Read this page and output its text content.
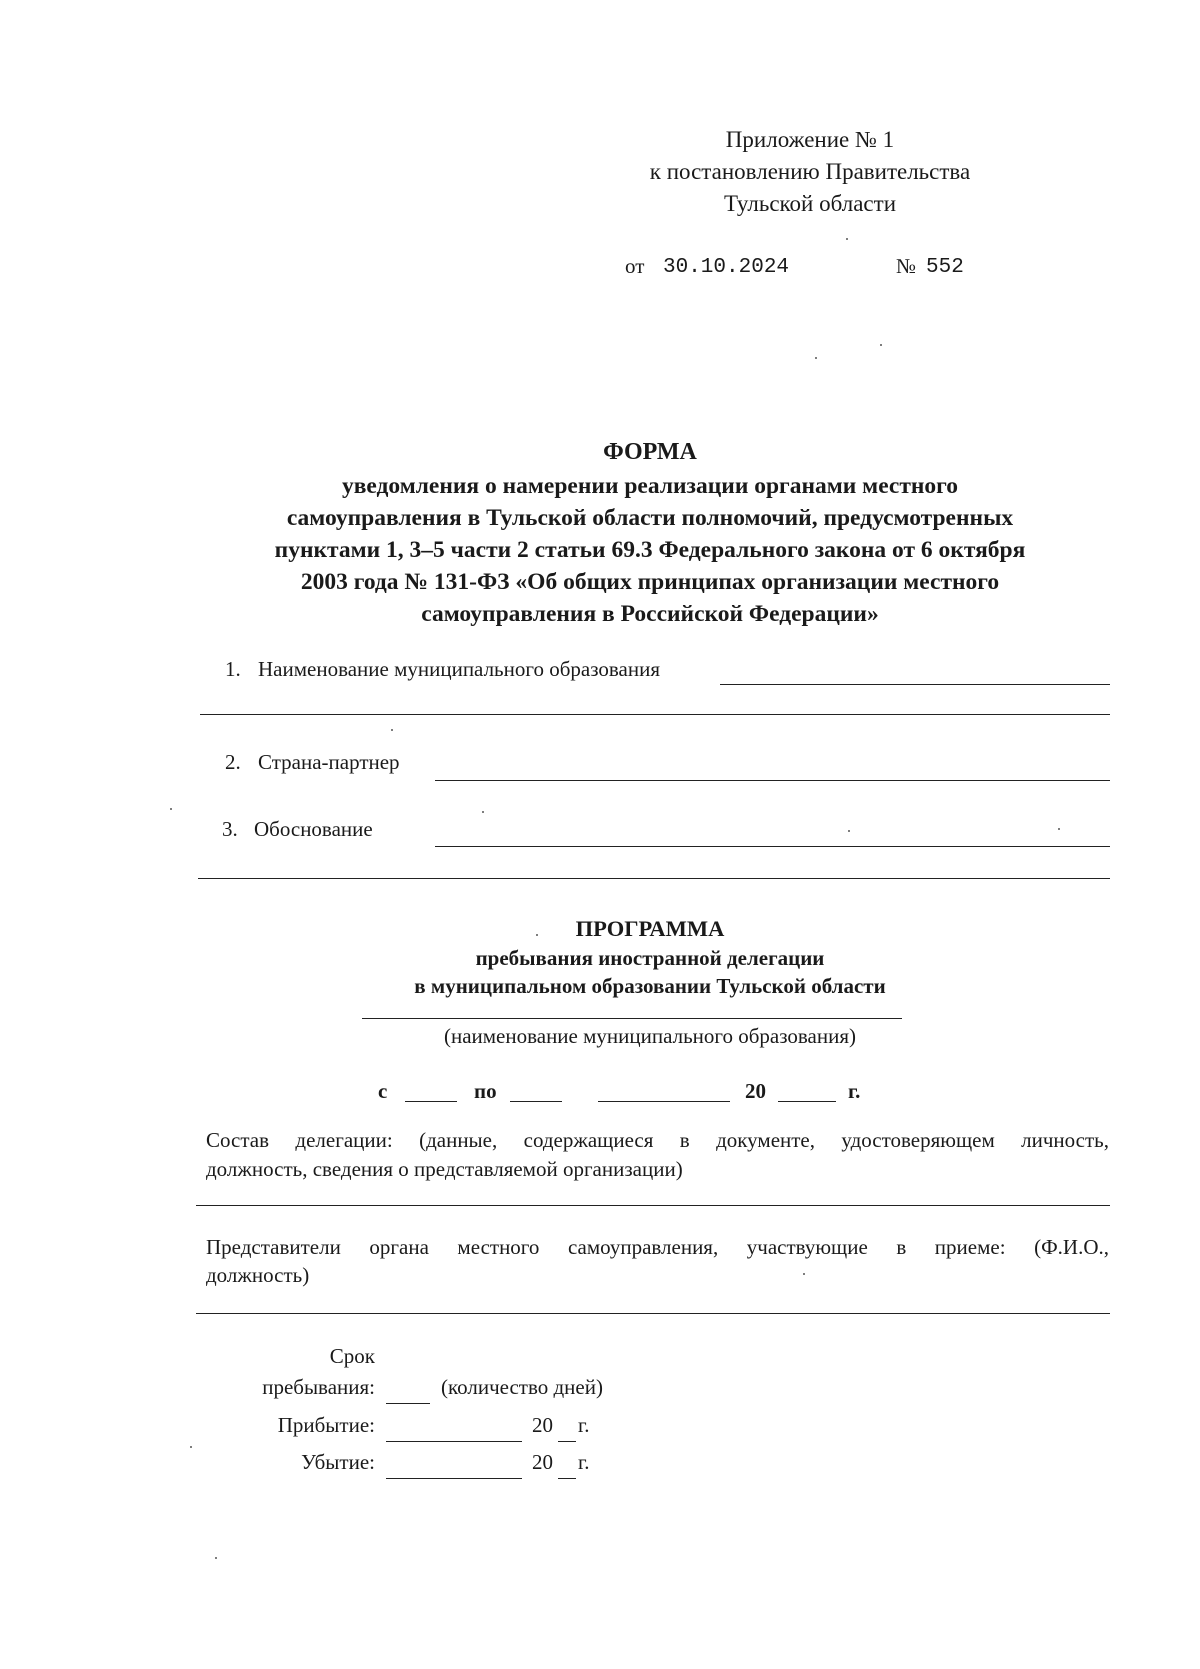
Приложение № 1
к постановлению Правительства
Тульской области
от 30.10.2024	№ 552
ФОРМА
уведомления о намерении реализации органами местного
самоуправления в Тульской области полномочий, предусмотренных
пунктами 1, 3–5 части 2 статьи 69.3 Федерального закона от 6 октября
2003 года № 131-ФЗ «Об общих принципах организации местного
самоуправления в Российской Федерации»
1. Наименование муниципального образования
2. Страна-партнер
3. Обоснование
ПРОГРАММА
пребывания иностранной делегации
в муниципальном образовании Тульской области
(наименование муниципального образования)
с	по	20	г.
Состав делегации: (данные, содержащиеся в документе, удостоверяющем личность,
должность, сведения о представляемой организации)
Представители органа местного самоуправления, участвующие в приеме: (Ф.И.О.,
должность)
Срок
пребывания:	(количество дней)
Прибытие:	20 г.
Убытие:	20 г.
